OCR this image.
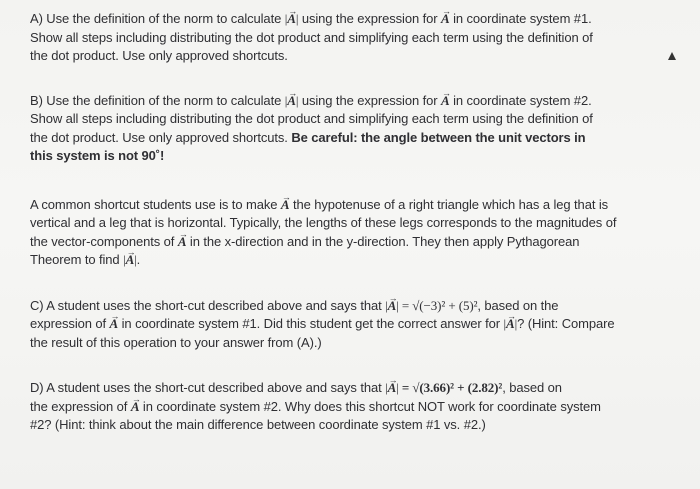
A) Use the definition of the norm to calculate |→ A| using the expression for → A in coordinate system #1.
Show all steps including distributing the dot product and simplifying each term using the definition of
the dot product. Use only approved shortcuts.

B) Use the definition of the norm to calculate |→ A| using the expression for → A in coordinate system #2.
Show all steps including distributing the dot product and simplifying each term using the definition of
the dot product. Use only approved shortcuts. Be careful: the angle between the unit vectors in
this system is not 90˚!

A common shortcut students use is to make → A the hypotenuse of a right triangle which has a leg that is
vertical and a leg that is horizontal. Typically, the lengths of these legs corresponds to the magnitudes of
the vector-components of → A in the x-direction and in the y-direction. They then apply Pythagorean
Theorem to find |→ A|.

C) A student uses the short-cut described above and says that |→ A| = √(−3)² + (5)², based on the
expression of → A in coordinate system #1. Did this student get the correct answer for |→ A|? (Hint: Compare
the result of this operation to your answer from (A).)

D) A student uses the short-cut described above and says that |→ A| = √(3.66)² + (2.82)², based on
the expression of → A in coordinate system #2. Why does this shortcut NOT work for coordinate system
#2? (Hint: think about the main difference between coordinate system #1 vs. #2.)
